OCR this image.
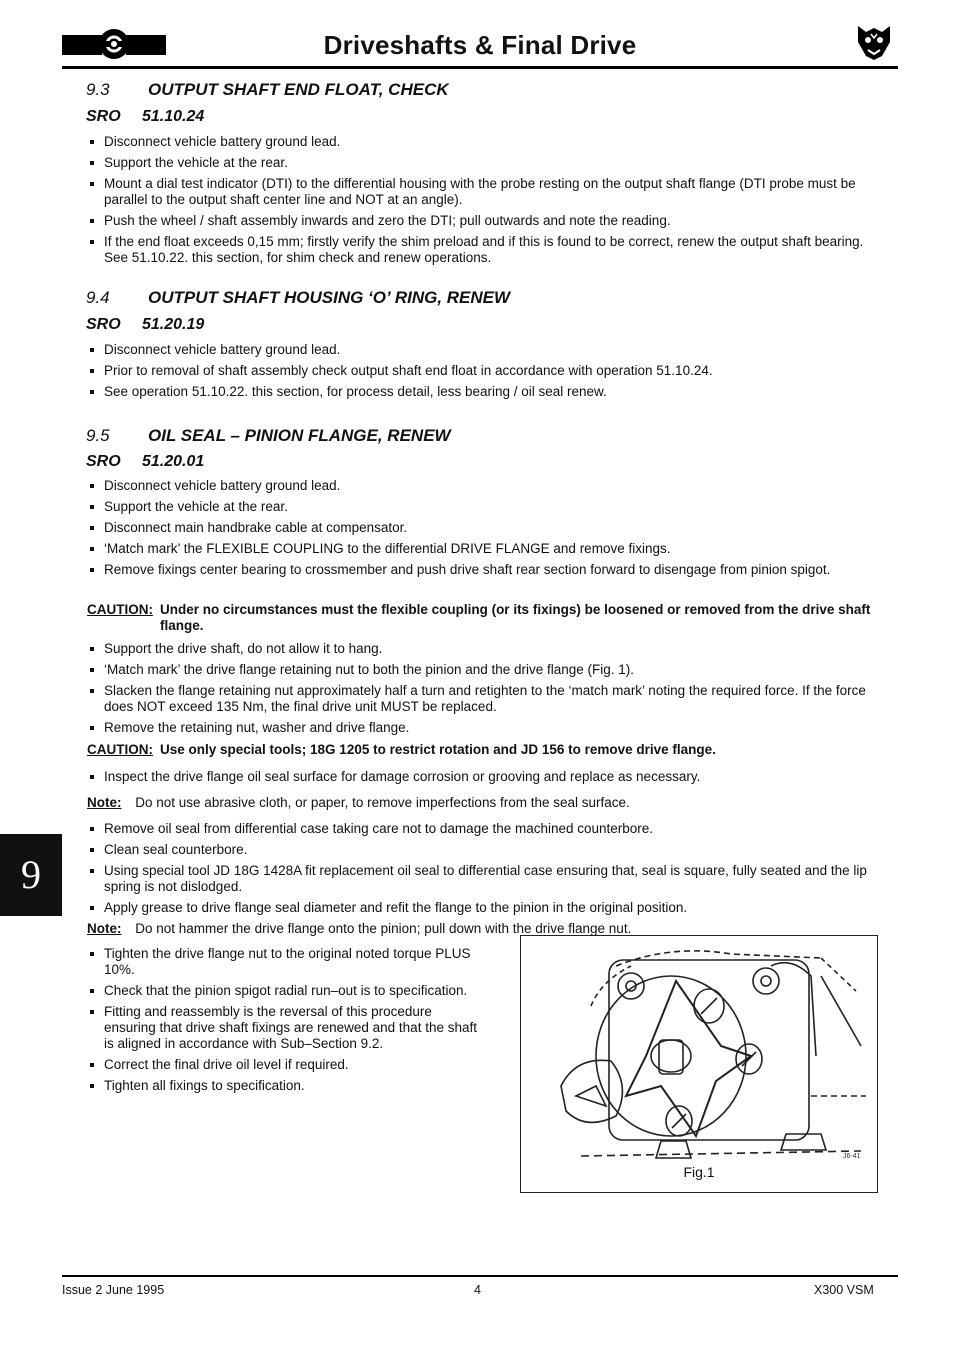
Driveshafts & Final Drive
9.3 OUTPUT SHAFT END FLOAT, CHECK
SRO 51.10.24
Disconnect vehicle battery ground lead.
Support the vehicle at the rear.
Mount a dial test indicator (DTI) to the differential housing with the probe resting on the output shaft flange (DTI probe must be parallel to the output shaft center line and NOT at an angle).
Push the wheel / shaft assembly inwards and zero the DTI; pull outwards and note the reading.
If the end float exceeds 0,15 mm; firstly verify the shim preload and if this is found to be correct, renew the output shaft bearing. See 51.10.22. this section, for shim check and renew operations.
9.4 OUTPUT SHAFT HOUSING ‘O’ RING, RENEW
SRO 51.20.19
Disconnect vehicle battery ground lead.
Prior to removal of shaft assembly check output shaft end float in accordance with operation 51.10.24.
See operation 51.10.22. this section, for process detail, less bearing / oil seal renew.
9.5 OIL SEAL – PINION FLANGE, RENEW
SRO 51.20.01
Disconnect vehicle battery ground lead.
Support the vehicle at the rear.
Disconnect main handbrake cable at compensator.
‘Match mark’ the FLEXIBLE COUPLING to the differential DRIVE FLANGE and remove fixings.
Remove fixings center bearing to crossmember and push drive shaft rear section forward to disengage from pinion spigot.
CAUTION: Under no circumstances must the flexible coupling (or its fixings) be loosened or removed from the drive shaft flange.
Support the drive shaft, do not allow it to hang.
‘Match mark’ the drive flange retaining nut to both the pinion and the drive flange (Fig. 1).
Slacken the flange retaining nut approximately half a turn and retighten to the ‘match mark’ noting the required force. If the force does NOT exceed 135 Nm, the final drive unit MUST be replaced.
Remove the retaining nut, washer and drive flange.
CAUTION: Use only special tools; 18G 1205 to restrict rotation and JD 156 to remove drive flange.
Inspect the drive flange oil seal surface for damage corrosion or grooving and replace as necessary.
Note: Do not use abrasive cloth, or paper, to remove imperfections from the seal surface.
Remove oil seal from differential case taking care not to damage the machined counterbore.
Clean seal counterbore.
Using special tool JD 18G 1428A fit replacement oil seal to differential case ensuring that, seal is square, fully seated and the lip spring is not dislodged.
Apply grease to drive flange seal diameter and refit the flange to the pinion in the original position.
Note: Do not hammer the drive flange onto the pinion; pull down with the drive flange nut.
Tighten the drive flange nut to the original noted torque PLUS 10%.
Check that the pinion spigot radial run–out is to specification.
Fitting and reassembly is the reversal of this procedure ensuring that drive shaft fixings are renewed and that the shaft is aligned in accordance with Sub–Section 9.2.
Correct the final drive oil level if required.
Tighten all fixings to specification.
9
J6-41
Fig.1
Issue 2 June 1995	4	X300 VSM
